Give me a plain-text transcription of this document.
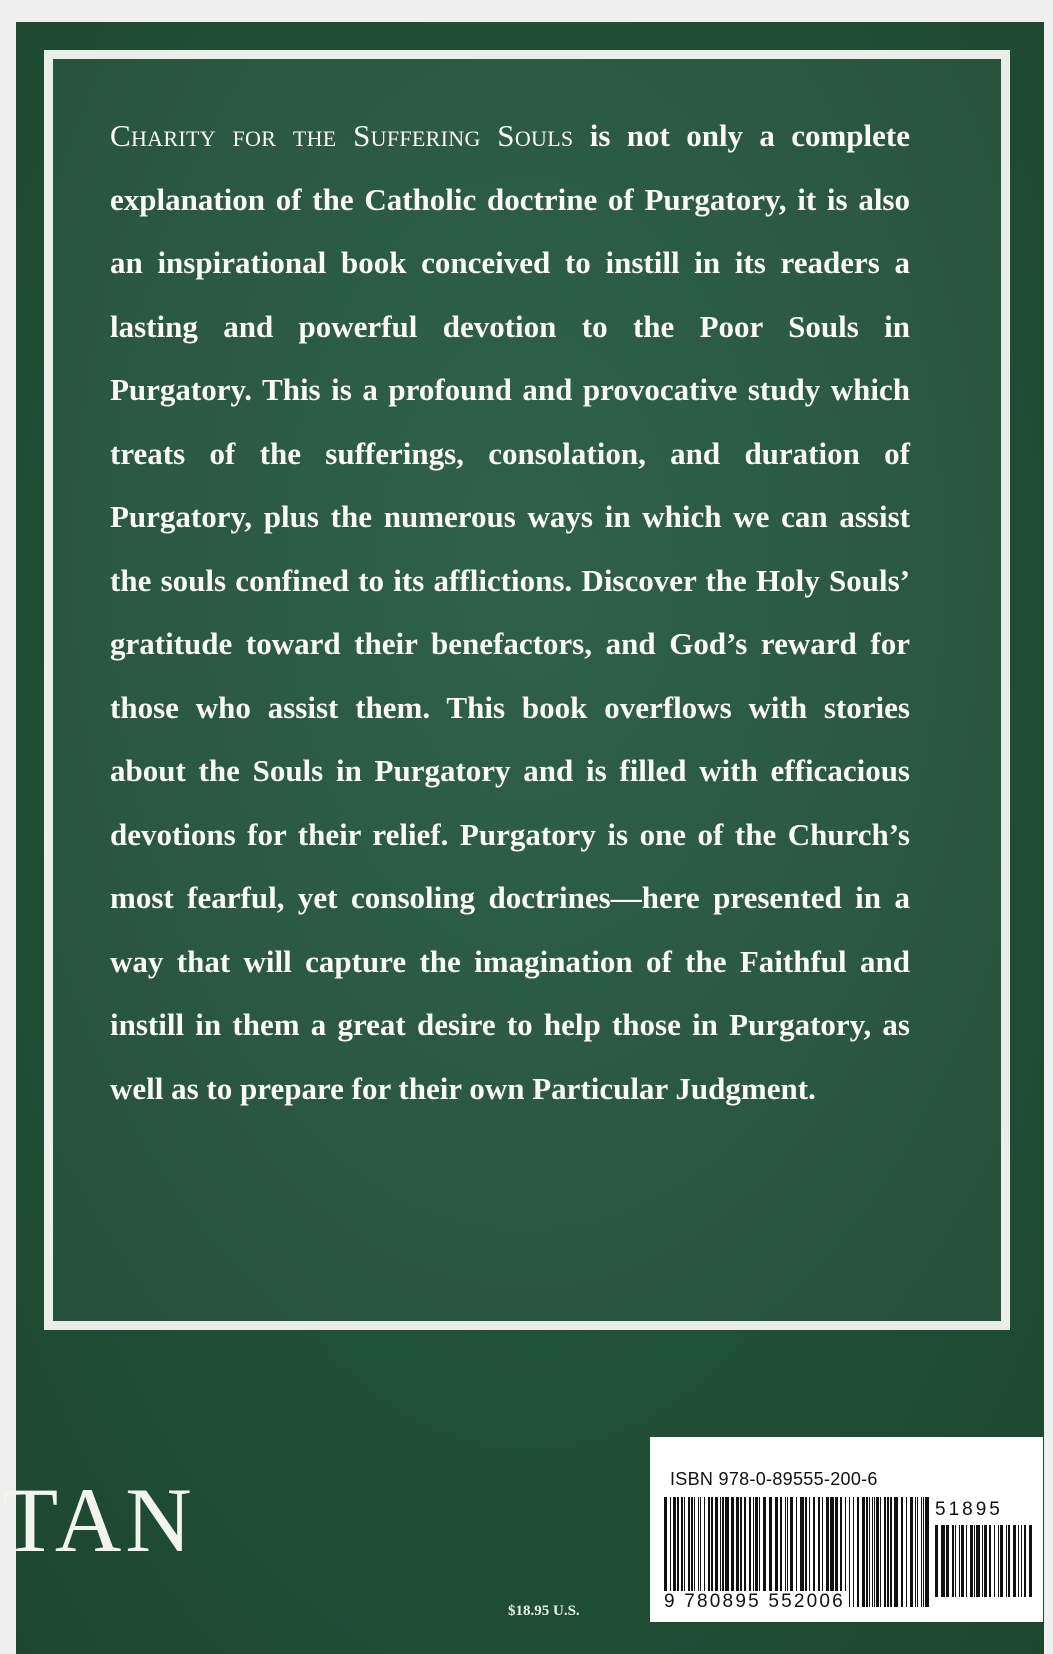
Charity for the Suffering Souls is not only a complete explanation of the Catholic doctrine of Purgatory, it is also an inspirational book conceived to instill in its readers a lasting and powerful devotion to the Poor Souls in Purgatory. This is a profound and provocative study which treats of the sufferings, consolation, and duration of Purgatory, plus the numerous ways in which we can assist the souls confined to its afflictions. Discover the Holy Souls’ gratitude toward their benefactors, and God’s reward for those who assist them. This book overflows with stories about the Souls in Purgatory and is filled with efficacious devotions for their relief. Purgatory is one of the Church’s most fearful, yet consoling doctrines—here presented in a way that will capture the imagination of the Faithful and instill in them a great desire to help those in Purgatory, as well as to prepare for their own Particular Judgment.

TAN
$18.95 U.S.
ISBN 978-0-89555-200-6
51895
9 780895 552006
